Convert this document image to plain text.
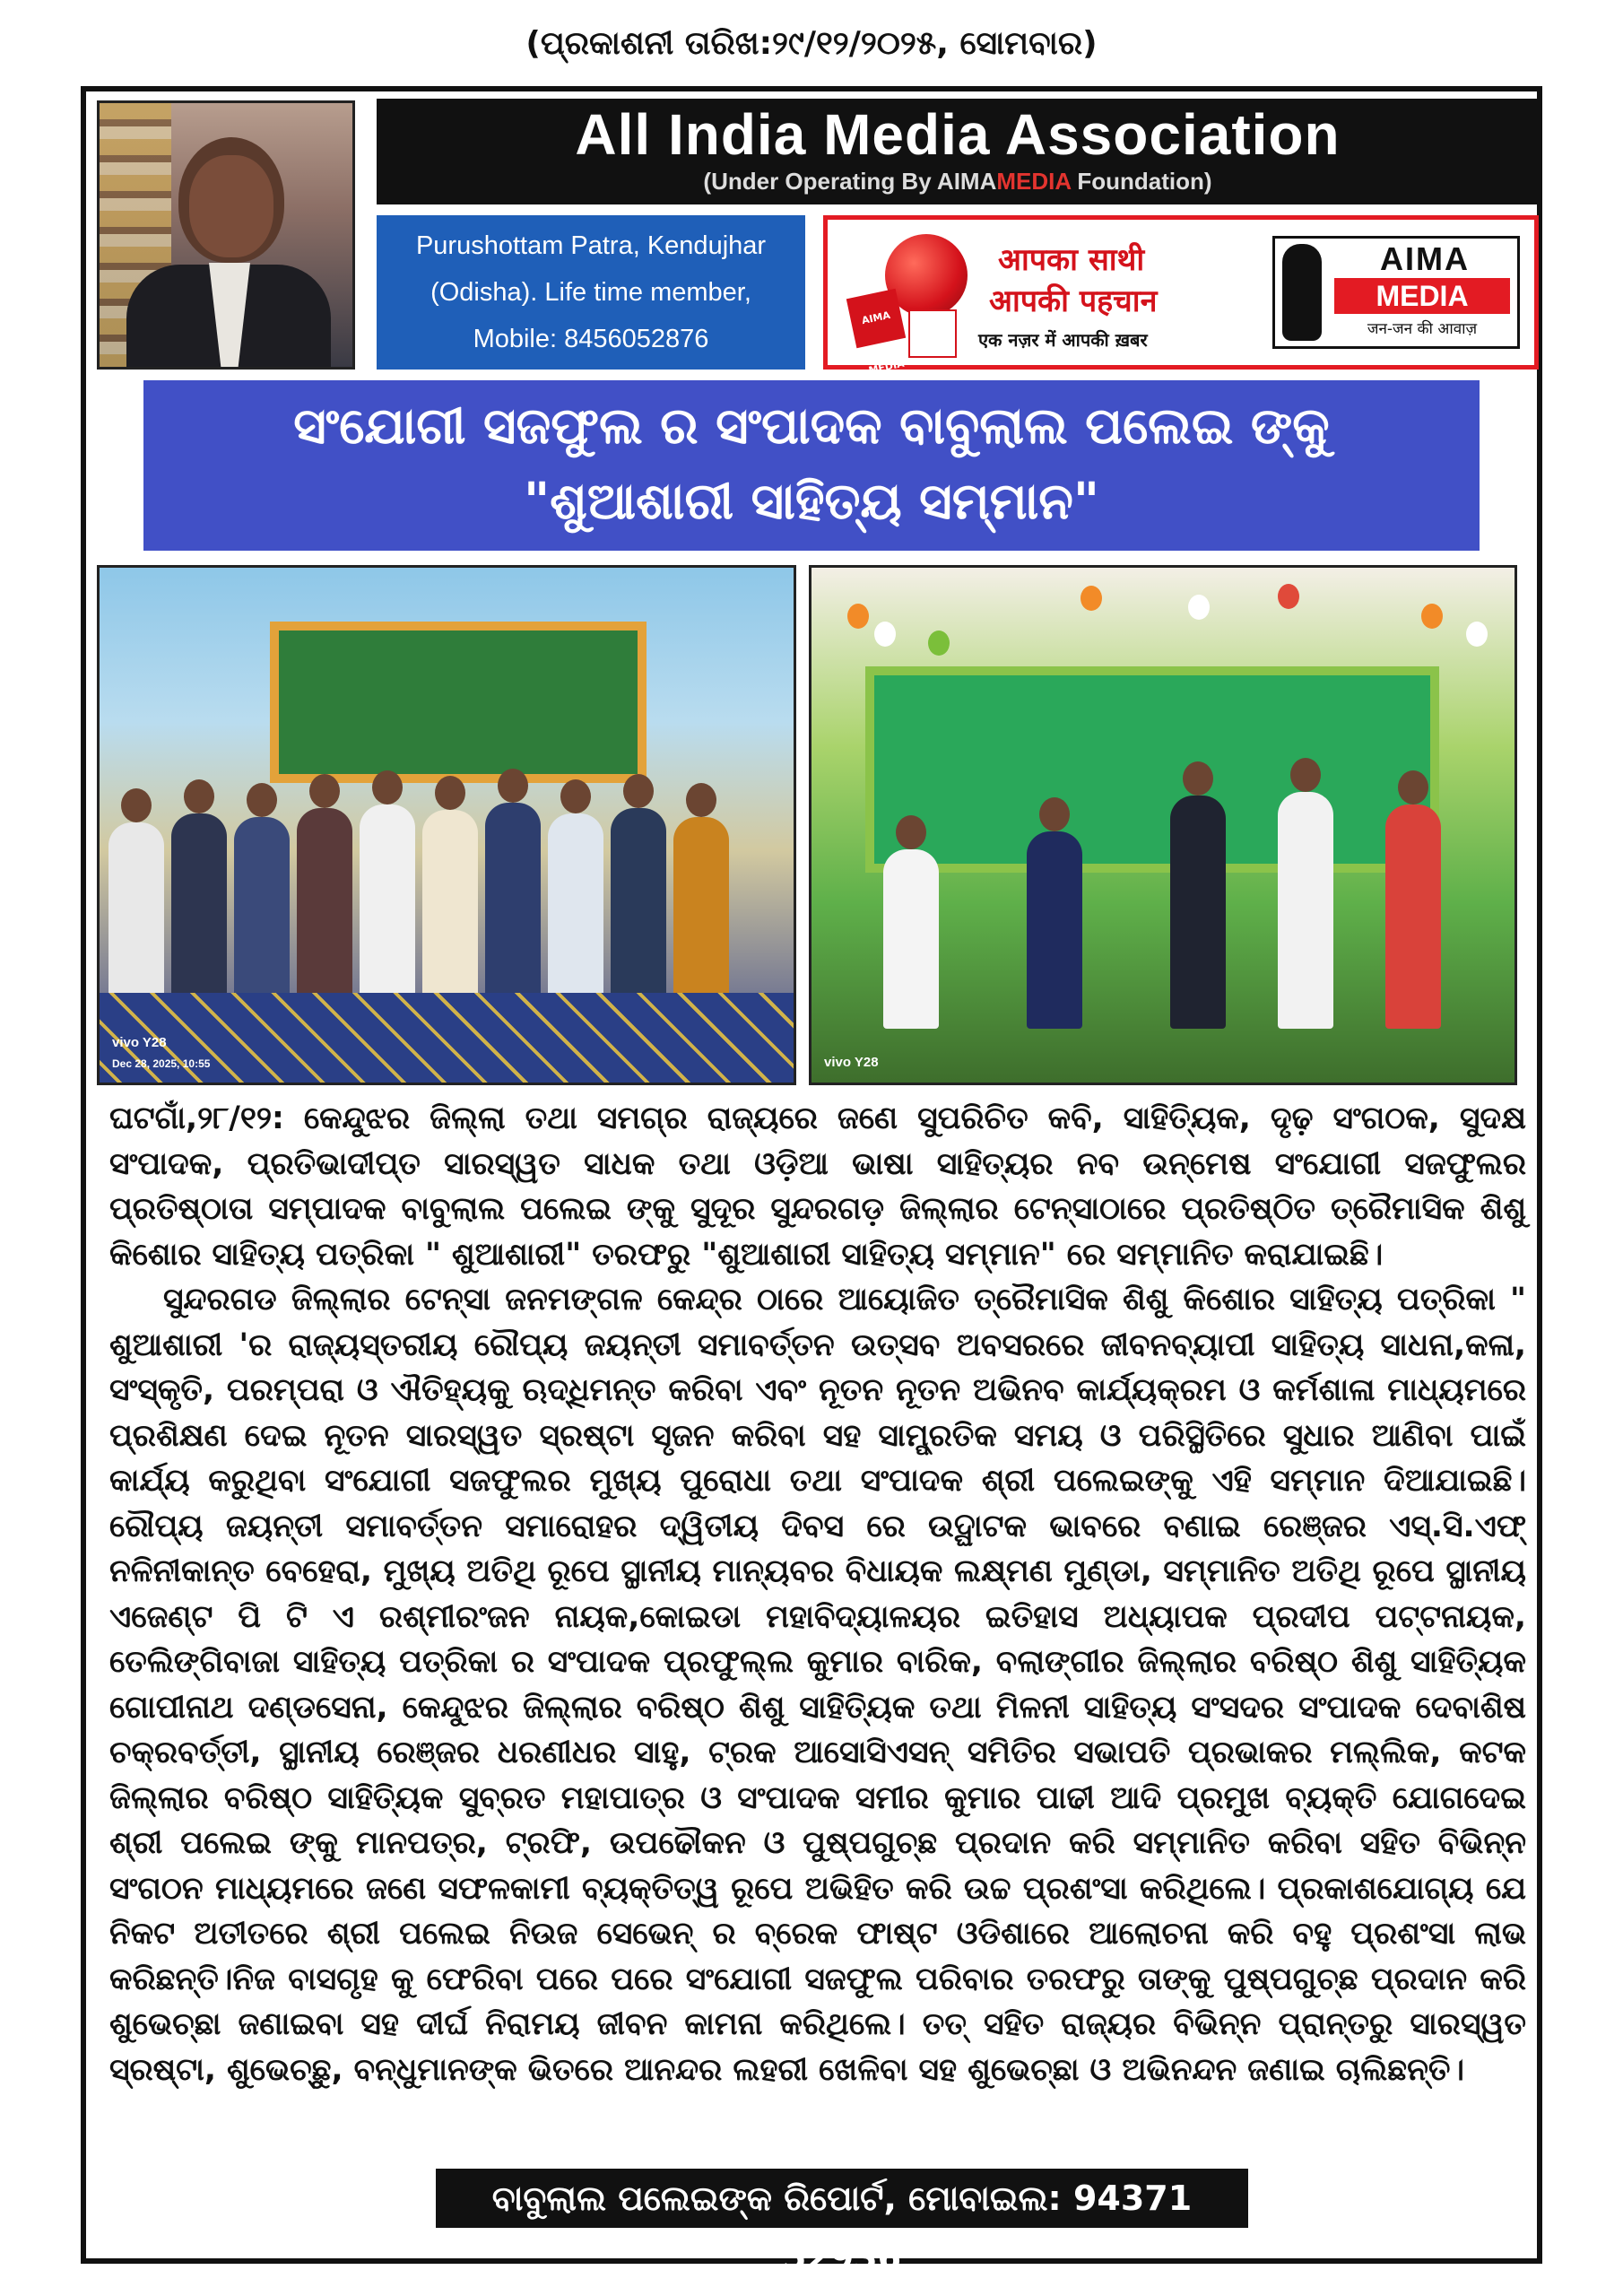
(ପ୍ରକାଶନୀ ତାରିଖ:୨୯/୧୨/୨୦୨୫, ସୋମବାର)
All India Media Association
(Under Operating By AIMAMEDIA Foundation)
Purushottam Patra, Kendujhar
(Odisha). Life time member,
Mobile: 8456052876
AIMA MEDIA
आपका साथी
आपकी पहचान
एक नज़र में आपकी ख़बर
AIMA
MEDIA
जन-जन की आवाज़
ସଂଯୋଗୀ ସଜଫୁଲ ର ସଂପାଦକ ବାବୁଲାଲ ପଲେଇ ଙ୍କୁ
"ଶୁଆଶାରୀ ସାହିତ୍ୟ ସମ୍ମାନ"
vivo Y28
Dec 28, 2025, 10:55	vivo Y28

ଘଟଗାଁ,୨୮/୧୨: କେନ୍ଦୁଝର ଜିଲ୍ଲା ତଥା ସମଗ୍ର ରାଜ୍ୟରେ ଜଣେ ସୁପରିଚିତ କବି, ସାହିତ୍ୟିକ, ଦୃଢ଼ ସଂଗଠକ, ସୁଦକ୍ଷ ସଂପାଦକ, ପ୍ରତିଭାଦୀପ୍ତ ସାରସ୍ୱତ ସାଧକ ତଥା ଓଡ଼ିଆ ଭାଷା ସାହିତ୍ୟର ନବ ଉନ୍ମେଷ ସଂଯୋଗୀ ସଜଫୁଲର ପ୍ରତିଷ୍ଠାତା ସମ୍ପାଦକ ବାବୁଲାଲ ପଲେଇ ଙ୍କୁ ସୁଦୂର ସୁନ୍ଦରଗଡ଼ ଜିଲ୍ଲାର ଟେନ୍ସାଠାରେ ପ୍ରତିଷ୍ଠିତ ତ୍ରୈମାସିକ ଶିଶୁ କିଶୋର ସାହିତ୍ୟ ପତ୍ରିକା " ଶୁଆଶାରୀ" ତରଫରୁ "ଶୁଆଶାରୀ ସାହିତ୍ୟ ସମ୍ମାନ" ରେ ସମ୍ମାନିତ କରାଯାଇଛି।

ସୁନ୍ଦରଗଡ ଜିଲ୍ଲାର ଟେନ୍ସା ଜନମଙ୍ଗଳ କେନ୍ଦ୍ର ଠାରେ ଆୟୋଜିତ ତ୍ରୈମାସିକ ଶିଶୁ କିଶୋର ସାହିତ୍ୟ ପତ୍ରିକା " ଶୁଆଶାରୀ 'ର ରାଜ୍ୟସ୍ତରୀୟ ରୌପ୍ୟ ଜୟନ୍ତୀ ସମାବର୍ତ୍ତନ ଉତ୍ସବ ଅବସରରେ ଜୀବନବ୍ୟାପୀ ସାହିତ୍ୟ ସାଧନା,କଳା, ସଂସ୍କୃତି, ପରମ୍ପରା ଓ ଐତିହ୍ୟକୁ ଋଦ୍ଧିମନ୍ତ କରିବା ଏବଂ ନୂତନ ନୂତନ ଅଭିନବ କାର୍ଯ୍ୟକ୍ରମ ଓ କର୍ମଶାଳା ମାଧ୍ୟମରେ ପ୍ରଶିକ୍ଷଣ ଦେଇ ନୂତନ ସାରସ୍ୱତ ସ୍ରଷ୍ଟା ସୃଜନ କରିବା ସହ ସାମ୍ପ୍ରତିକ ସମୟ ଓ ପରିସ୍ଥିତିରେ ସୁଧାର ଆଣିବା ପାଇଁ କାର୍ଯ୍ୟ କରୁଥିବା ସଂଯୋଗୀ ସଜଫୁଲର ମୁଖ୍ୟ ପୁରୋଧା ତଥା ସଂପାଦକ ଶ୍ରୀ ପଲେଇଙ୍କୁ ଏହି ସମ୍ମାନ ଦିଆଯାଇଛି। ରୌପ୍ୟ ଜୟନ୍ତୀ ସମାବର୍ତ୍ତନ ସମାରୋହର ଦ୍ୱିତୀୟ ଦିବସ ରେ ଉଦ୍ଘାଟକ ଭାବରେ ବଣାଇ ରେଞ୍ଜର ଏସ୍.ସି.ଏଫ୍ ନଳିନୀକାନ୍ତ ବେହେରା, ମୁଖ୍ୟ ଅତିଥି ରୂପେ ସ୍ଥାନୀୟ ମାନ୍ୟବର ବିଧାୟକ ଲକ୍ଷ୍ମଣ ମୁଣ୍ଡା, ସମ୍ମାନିତ ଅତିଥି ରୂପେ ସ୍ଥାନୀୟ ଏଜେଣ୍ଟ ପି ଟି ଏ ରଶ୍ମୀରଂଜନ ନାୟକ,କୋଇଡା ମହାବିଦ୍ୟାଳୟର ଇତିହାସ ଅଧ୍ୟାପକ ପ୍ରଦୀପ ପଟ୍ଟନାୟକ, ତେଲିଙ୍ଗିବାଜା ସାହିତ୍ୟ ପତ୍ରିକା ର ସଂପାଦକ ପ୍ରଫୁଲ୍ଲ କୁମାର ବାରିକ, ବଲାଙ୍ଗୀର ଜିଲ୍ଲାର ବରିଷ୍ଠ ଶିଶୁ ସାହିତ୍ୟିକ ଗୋପୀନାଥ ଦଣ୍ଡସେନା, କେନ୍ଦୁଝର ଜିଲ୍ଲାର ବରିଷ୍ଠ ଶିଶୁ ସାହିତ୍ୟିକ ତଥା ମିଳନୀ ସାହିତ୍ୟ ସଂସଦର ସଂପାଦକ ଦେବାଶିଷ ଚକ୍ରବର୍ତ୍ତୀ, ସ୍ଥାନୀୟ ରେଞ୍ଜର ଧରଣୀଧର ସାହୁ, ଟ୍ରକ ଆସୋସିଏସନ୍ ସମିତିର ସଭାପତି ପ୍ରଭାକର ମଲ୍ଲିକ, କଟକ ଜିଲ୍ଲାର ବରିଷ୍ଠ ସାହିତ୍ୟିକ ସୁବ୍ରତ ମହାପାତ୍ର ଓ ସଂପାଦକ ସମୀର କୁମାର ପାଢୀ ଆଦି ପ୍ରମୁଖ ବ୍ୟକ୍ତି ଯୋଗଦେଇ ଶ୍ରୀ ପଲେଇ ଙ୍କୁ ମାନପତ୍ର, ଟ୍ରଫି, ଉପଢୌକନ ଓ ପୁଷ୍ପଗୁଚ୍ଛ ପ୍ରଦାନ କରି ସମ୍ମାନିତ କରିବା ସହିତ ବିଭିନ୍ନ ସଂଗଠନ ମାଧ୍ୟମରେ ଜଣେ ସଫଳକାମୀ ବ୍ୟକ୍ତିତ୍ୱ ରୂପେ ଅଭିହିତ କରି ଉଚ୍ଚ ପ୍ରଶଂସା କରିଥିଲେ। ପ୍ରକାଶଯୋଗ୍ୟ ଯେ ନିକଟ ଅତୀତରେ ଶ୍ରୀ ପଲେଇ ନିଉଜ ସେଭେନ୍ ର ବ୍ରେକ ଫାଷ୍ଟ ଓଡିଶାରେ ଆଲୋଚନା କରି ବହୁ ପ୍ରଶଂସା ଲାଭ କରିଛନ୍ତି।ନିଜ ବାସଗୃହ କୁ ଫେରିବା ପରେ ପରେ ସଂଯୋଗୀ ସଜଫୁଲ ପରିବାର ତରଫରୁ ତାଙ୍କୁ ପୁଷ୍ପଗୁଚ୍ଛ ପ୍ରଦାନ କରି ଶୁଭେଚ୍ଛା ଜଣାଇବା ସହ ଦୀର୍ଘ ନିରାମୟ ଜୀବନ କାମନା କରିଥିଲେ। ତତ୍ ସହିତ ରାଜ୍ୟର ବିଭିନ୍ନ ପ୍ରାନ୍ତରୁ ସାରସ୍ୱତ ସ୍ରଷ୍ଟା, ଶୁଭେଚ୍ଛୁ, ବନ୍ଧୁମାନଙ୍କ ଭିତରେ ଆନନ୍ଦର ଲହରୀ ଖେଳିବା ସହ ଶୁଭେଚ୍ଛା ଓ ଅଭିନନ୍ଦନ ଜଣାଇ ଚାଲିଛନ୍ତି।

ବାବୁଲାଲ ପଲେଇଙ୍କ ରିପୋର୍ଟ, ମୋବାଇଲ: 94371 52936
